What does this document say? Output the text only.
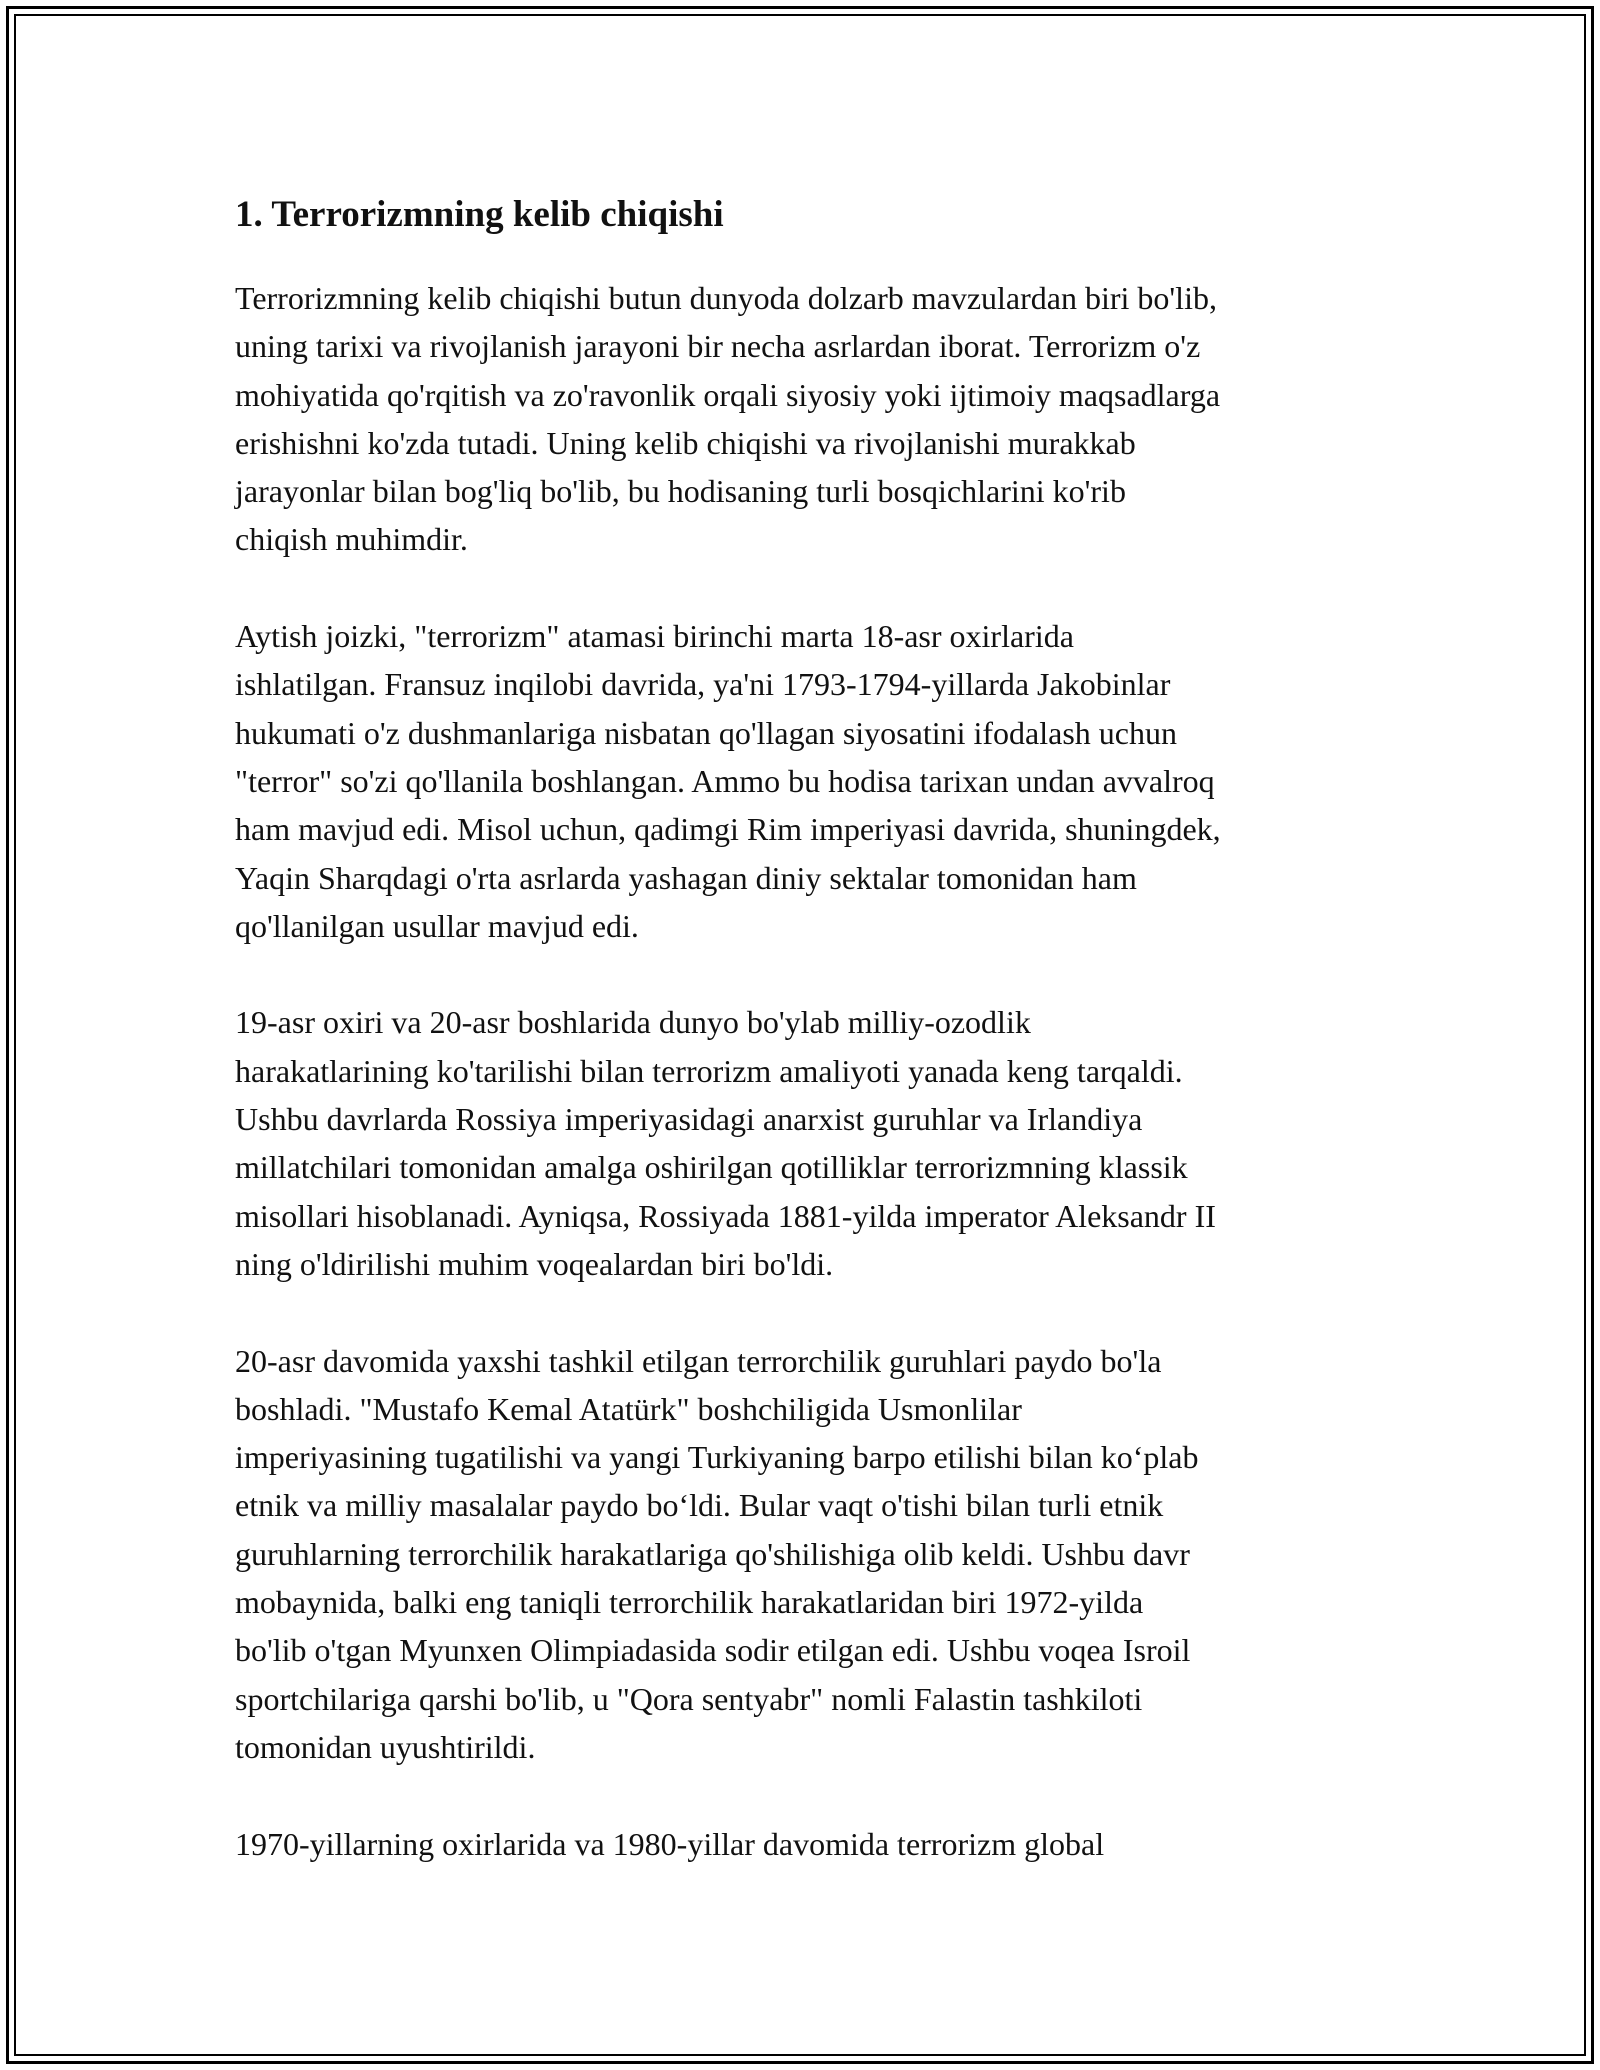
1. Terrorizmning kelib chiqishi
Terrorizmning kelib chiqishi butun dunyoda dolzarb mavzulardan biri bo'lib,
uning tarixi va rivojlanish jarayoni bir necha asrlardan iborat. Terrorizm o'z
mohiyatida qo'rqitish va zo'ravonlik orqali siyosiy yoki ijtimoiy maqsadlarga
erishishni ko'zda tutadi. Uning kelib chiqishi va rivojlanishi murakkab
jarayonlar bilan bog'liq bo'lib, bu hodisaning turli bosqichlarini ko'rib
chiqish muhimdir.
Aytish joizki, "terrorizm" atamasi birinchi marta 18-asr oxirlarida
ishlatilgan. Fransuz inqilobi davrida, ya'ni 1793-1794-yillarda Jakobinlar
hukumati o'z dushmanlariga nisbatan qo'llagan siyosatini ifodalash uchun
"terror" so'zi qo'llanila boshlangan. Ammo bu hodisa tarixan undan avvalroq
ham mavjud edi. Misol uchun, qadimgi Rim imperiyasi davrida, shuningdek,
Yaqin Sharqdagi o'rta asrlarda yashagan diniy sektalar tomonidan ham
qo'llanilgan usullar mavjud edi.
19-asr oxiri va 20-asr boshlarida dunyo bo'ylab milliy-ozodlik
harakatlarining ko'tarilishi bilan terrorizm amaliyoti yanada keng tarqaldi.
Ushbu davrlarda Rossiya imperiyasidagi anarxist guruhlar va Irlandiya
millatchilari tomonidan amalga oshirilgan qotilliklar terrorizmning klassik
misollari hisoblanadi. Ayniqsa, Rossiyada 1881-yilda imperator Aleksandr II
ning o'ldirilishi muhim voqealardan biri bo'ldi.
20-asr davomida yaxshi tashkil etilgan terrorchilik guruhlari paydo bo'la
boshladi. "Mustafo Kemal Atatürk" boshchiligida Usmonlilar
imperiyasining tugatilishi va yangi Turkiyaning barpo etilishi bilan ko‘plab
etnik va milliy masalalar paydo bo‘ldi. Bular vaqt o'tishi bilan turli etnik
guruhlarning terrorchilik harakatlariga qo'shilishiga olib keldi. Ushbu davr
mobaynida, balki eng taniqli terrorchilik harakatlaridan biri 1972-yilda
bo'lib o'tgan Myunxen Olimpiadasida sodir etilgan edi. Ushbu voqea Isroil
sportchilariga qarshi bo'lib, u "Qora sentyabr" nomli Falastin tashkiloti
tomonidan uyushtirildi.
1970-yillarning oxirlarida va 1980-yillar davomida terrorizm global
